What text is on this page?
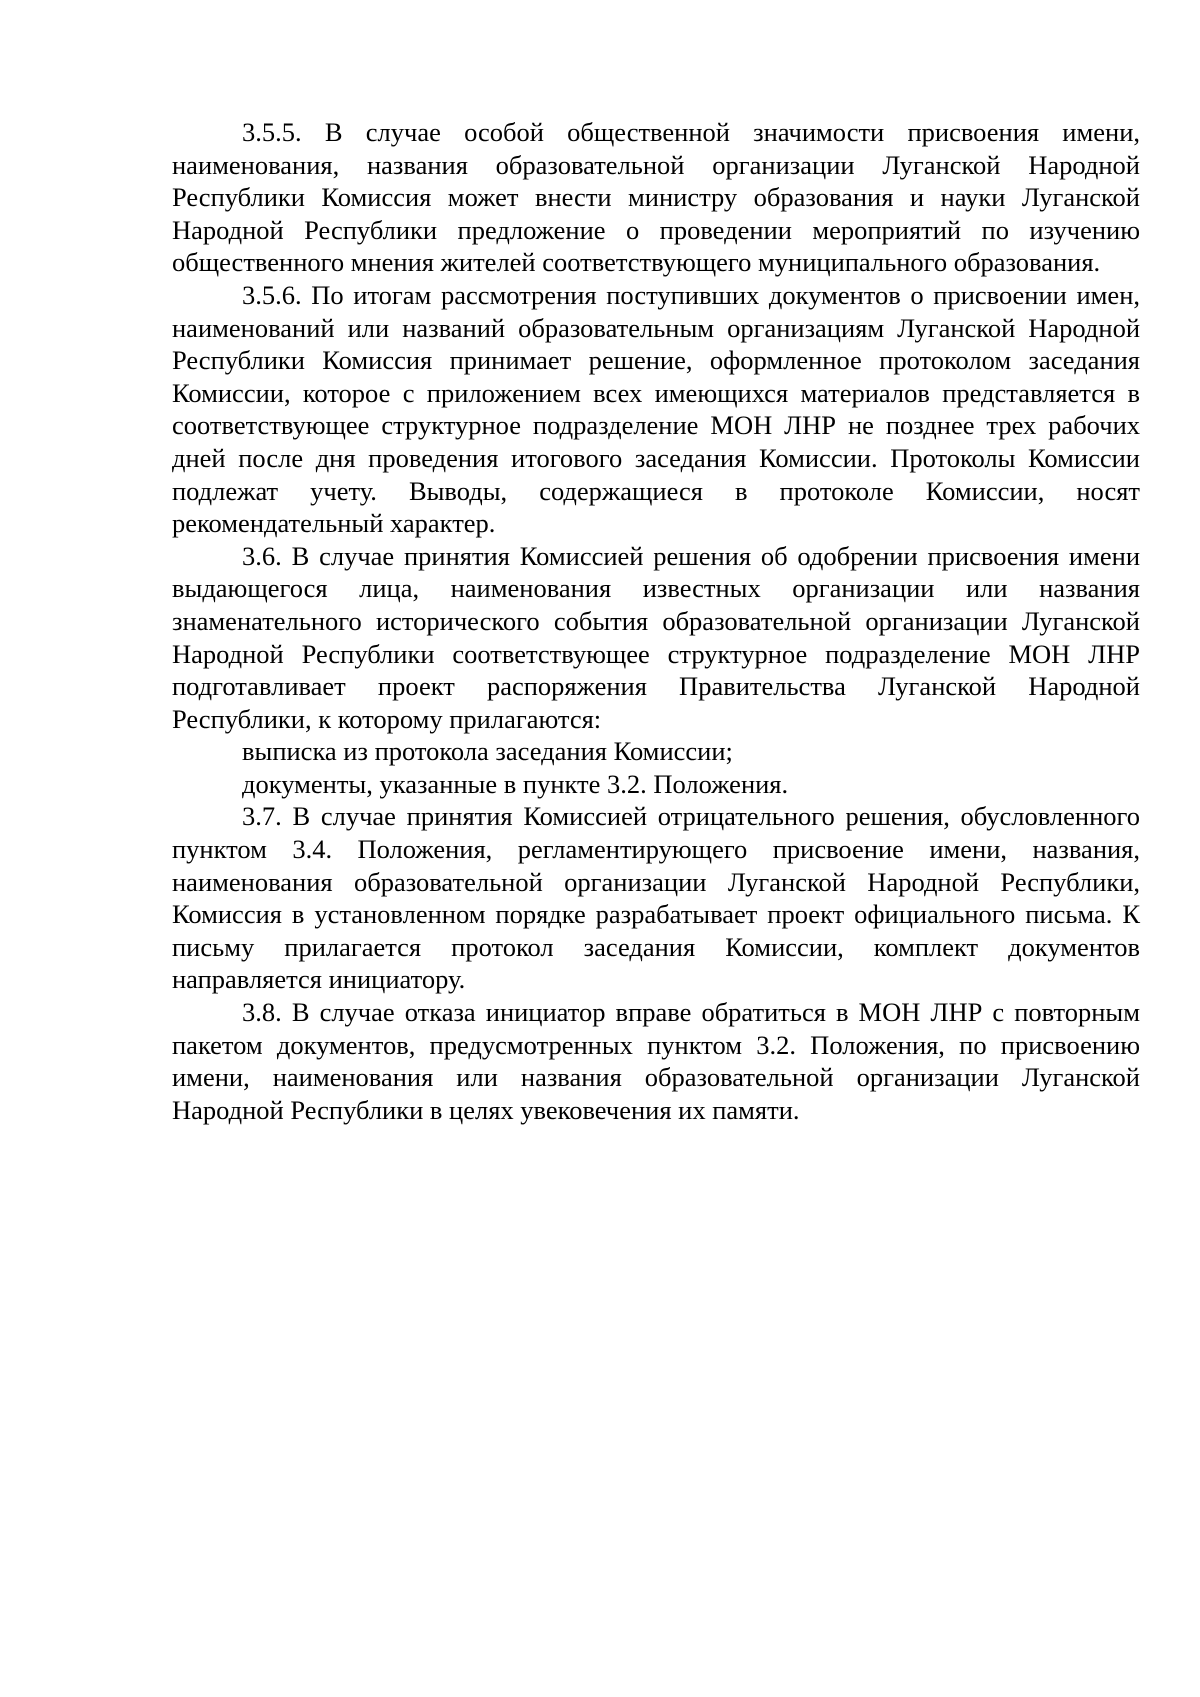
3.5.5. В случае особой общественной значимости присвоения имени, наименования, названия образовательной организации Луганской Народной Республики Комиссия может внести министру образования и науки Луганской Народной Республики предложение о проведении мероприятий по изучению общественного мнения жителей соответствующего муниципального образования.

3.5.6. По итогам рассмотрения поступивших документов о присвоении имен, наименований или названий образовательным организациям Луганской Народной Республики Комиссия принимает решение, оформленное протоколом заседания Комиссии, которое с приложением всех имеющихся материалов представляется в соответствующее структурное подразделение МОН ЛНР не позднее трех рабочих дней после дня проведения итогового заседания Комиссии. Протоколы Комиссии подлежат учету. Выводы, содержащиеся в протоколе Комиссии, носят рекомендательный характер.

3.6. В случае принятия Комиссией решения об одобрении присвоения имени выдающегося лица, наименования известных организации или названия знаменательного исторического события образовательной организации Луганской Народной Республики соответствующее структурное подразделение МОН ЛНР подготавливает проект распоряжения Правительства Луганской Народной Республики, к которому прилагаются:

выписка из протокола заседания Комиссии;

документы, указанные в пункте 3.2. Положения.

3.7. В случае принятия Комиссией отрицательного решения, обусловленного пунктом 3.4. Положения, регламентирующего присвоение имени, названия, наименования образовательной организации Луганской Народной Республики, Комиссия в установленном порядке разрабатывает проект официального письма. К письму прилагается протокол заседания Комиссии, комплект документов направляется инициатору.

3.8. В случае отказа инициатор вправе обратиться в МОН ЛНР с повторным пакетом документов, предусмотренных пунктом 3.2. Положения, по присвоению имени, наименования или названия образовательной организации Луганской Народной Республики в целях увековечения их памяти.
